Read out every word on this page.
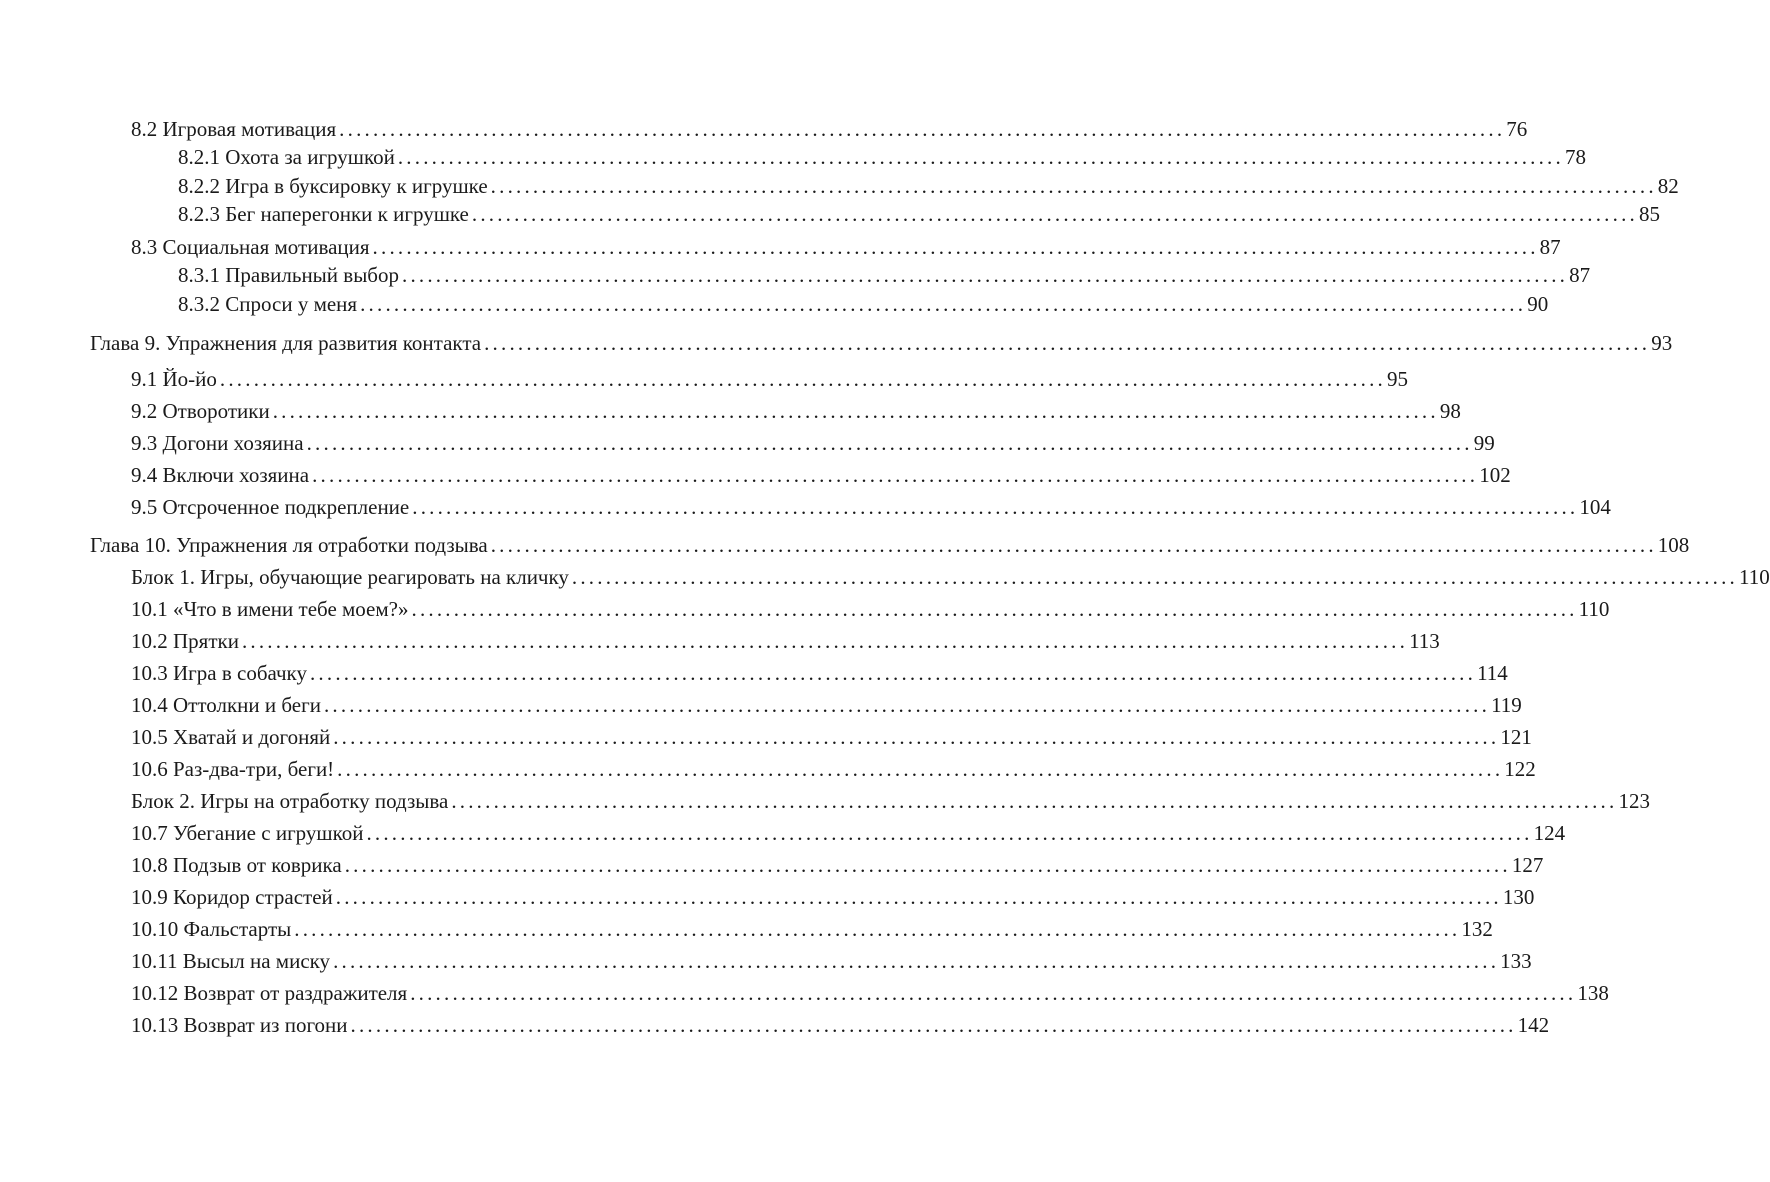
8.2 Игровая мотивация .......................................................................................................................................... 76
8.2.1 Охота за игрушкой .......................................................................................................................................... 78
8.2.2 Игра в буксировку к игрушке .......................................................................................................................................... 82
8.2.3 Бег наперегонки к игрушке .......................................................................................................................................... 85
8.3 Социальная мотивация .......................................................................................................................................... 87
8.3.1 Правильный выбор .......................................................................................................................................... 87
8.3.2 Спроси у меня .......................................................................................................................................... 90
Глава 9. Упражнения для развития контакта .......................................................................................................................................... 93
9.1 Йо-йо .......................................................................................................................................... 95
9.2 Отворотики .......................................................................................................................................... 98
9.3 Догони хозяина .......................................................................................................................................... 99
9.4 Включи хозяина .......................................................................................................................................... 102
9.5 Отсроченное подкрепление .......................................................................................................................................... 104
Глава 10. Упражнения ля отработки подзыва .......................................................................................................................................... 108
Блок 1. Игры, обучающие реагировать на кличку .......................................................................................................................................... 110
10.1 «Что в имени тебе моем?» .......................................................................................................................................... 110
10.2 Прятки .......................................................................................................................................... 113
10.3 Игра в собачку .......................................................................................................................................... 114
10.4 Оттолкни и беги .......................................................................................................................................... 119
10.5 Хватай и догоняй .......................................................................................................................................... 121
10.6 Раз-два-три, беги! .......................................................................................................................................... 122
Блок 2. Игры на отработку подзыва .......................................................................................................................................... 123
10.7 Убегание с игрушкой .......................................................................................................................................... 124
10.8 Подзыв от коврика .......................................................................................................................................... 127
10.9 Коридор страстей .......................................................................................................................................... 130
10.10 Фальстарты .......................................................................................................................................... 132
10.11 Высыл на миску .......................................................................................................................................... 133
10.12 Возврат от раздражителя .......................................................................................................................................... 138
10.13 Возврат из погони .......................................................................................................................................... 142
